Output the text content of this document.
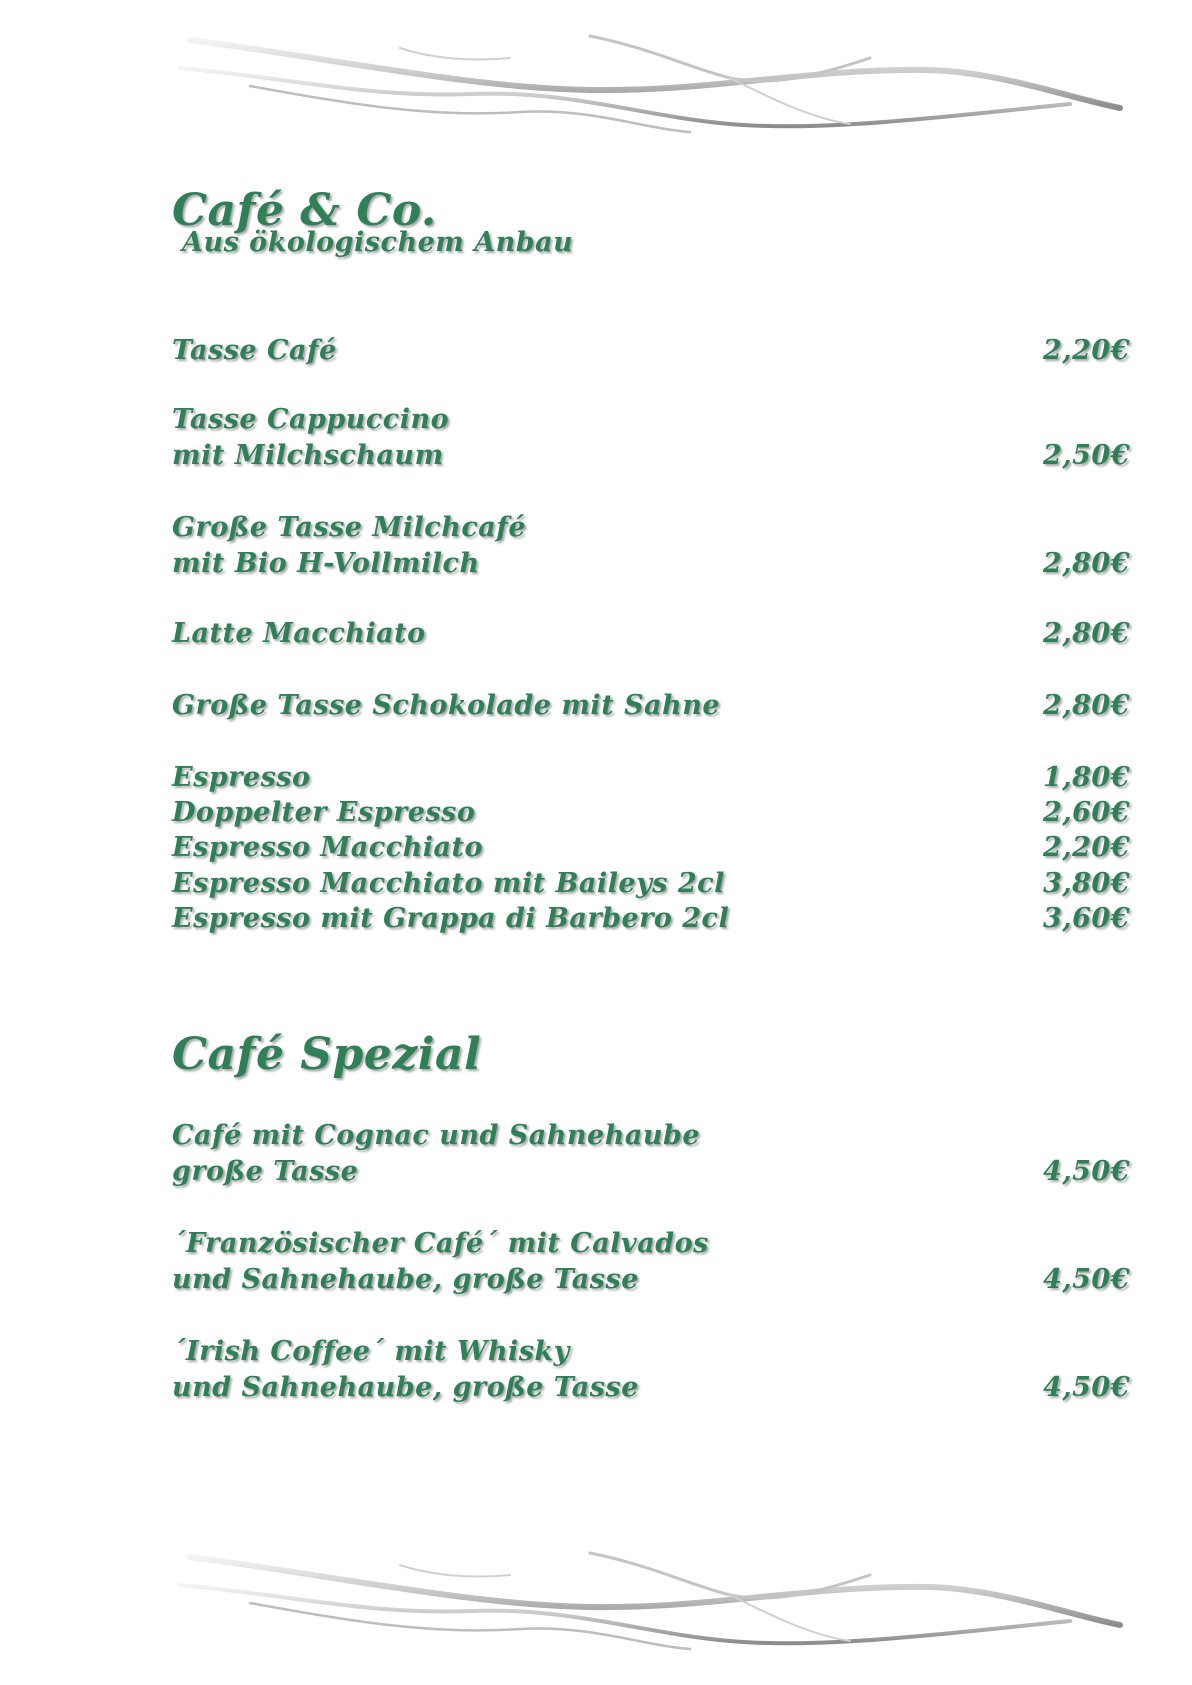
Café & Co.
Aus ökologischem Anbau
Tasse Café	2,20€
Tasse Cappuccino
mit Milchschaum	2,50€
Große Tasse Milchcafé
mit Bio H-Vollmilch	2,80€
Latte Macchiato	2,80€
Große Tasse Schokolade mit Sahne	2,80€
Espresso	1,80€
Doppelter Espresso	2,60€
Espresso Macchiato	2,20€
Espresso Macchiato mit Baileys 2cl	3,80€
Espresso mit Grappa di Barbero 2cl	3,60€
Café Spezial
Café mit Cognac und Sahnehaube
große Tasse	4,50€
´Französischer Café´ mit Calvados
und Sahnehaube, große Tasse	4,50€
´Irish Coffee´ mit Whisky
und Sahnehaube, große Tasse	4,50€
